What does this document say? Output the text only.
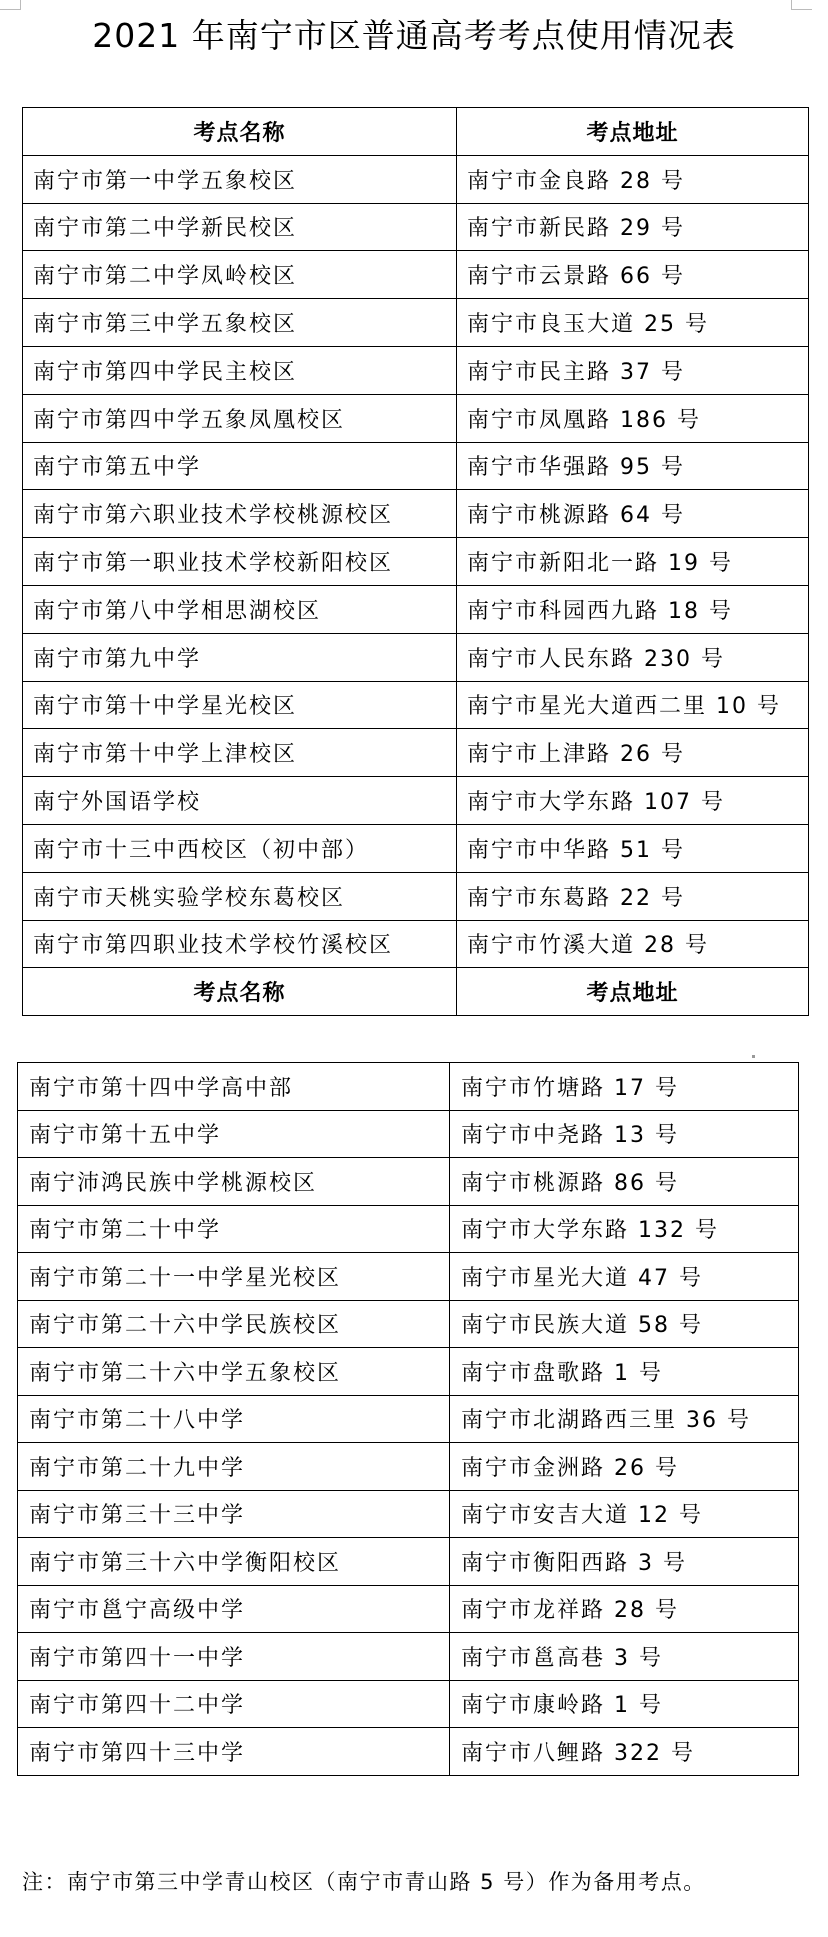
2021 年南宁市区普通高考考点使用情况表
考点名称	考点地址
南宁市第一中学五象校区	南宁市金良路 28 号
南宁市第二中学新民校区	南宁市新民路 29 号
南宁市第二中学凤岭校区	南宁市云景路 66 号
南宁市第三中学五象校区	南宁市良玉大道 25 号
南宁市第四中学民主校区	南宁市民主路 37 号
南宁市第四中学五象凤凰校区	南宁市凤凰路 186 号
南宁市第五中学	南宁市华强路 95 号
南宁市第六职业技术学校桃源校区	南宁市桃源路 64 号
南宁市第一职业技术学校新阳校区	南宁市新阳北一路 19 号
南宁市第八中学相思湖校区	南宁市科园西九路 18 号
南宁市第九中学	南宁市人民东路 230 号
南宁市第十中学星光校区	南宁市星光大道西二里 10 号
南宁市第十中学上津校区	南宁市上津路 26 号
南宁外国语学校	南宁市大学东路 107 号
南宁市十三中西校区（初中部）	南宁市中华路 51 号
南宁市天桃实验学校东葛校区	南宁市东葛路 22 号
南宁市第四职业技术学校竹溪校区	南宁市竹溪大道 28 号
考点名称	考点地址
南宁市第十四中学高中部	南宁市竹塘路 17 号
南宁市第十五中学	南宁市中尧路 13 号
南宁沛鸿民族中学桃源校区	南宁市桃源路 86 号
南宁市第二十中学	南宁市大学东路 132 号
南宁市第二十一中学星光校区	南宁市星光大道 47 号
南宁市第二十六中学民族校区	南宁市民族大道 58 号
南宁市第二十六中学五象校区	南宁市盘歌路 1 号
南宁市第二十八中学	南宁市北湖路西三里 36 号
南宁市第二十九中学	南宁市金洲路 26 号
南宁市第三十三中学	南宁市安吉大道 12 号
南宁市第三十六中学衡阳校区	南宁市衡阳西路 3 号
南宁市邕宁高级中学	南宁市龙祥路 28 号
南宁市第四十一中学	南宁市邕高巷 3 号
南宁市第四十二中学	南宁市康岭路 1 号
南宁市第四十三中学	南宁市八鲤路 322 号
注：南宁市第三中学青山校区（南宁市青山路 5 号）作为备用考点。
